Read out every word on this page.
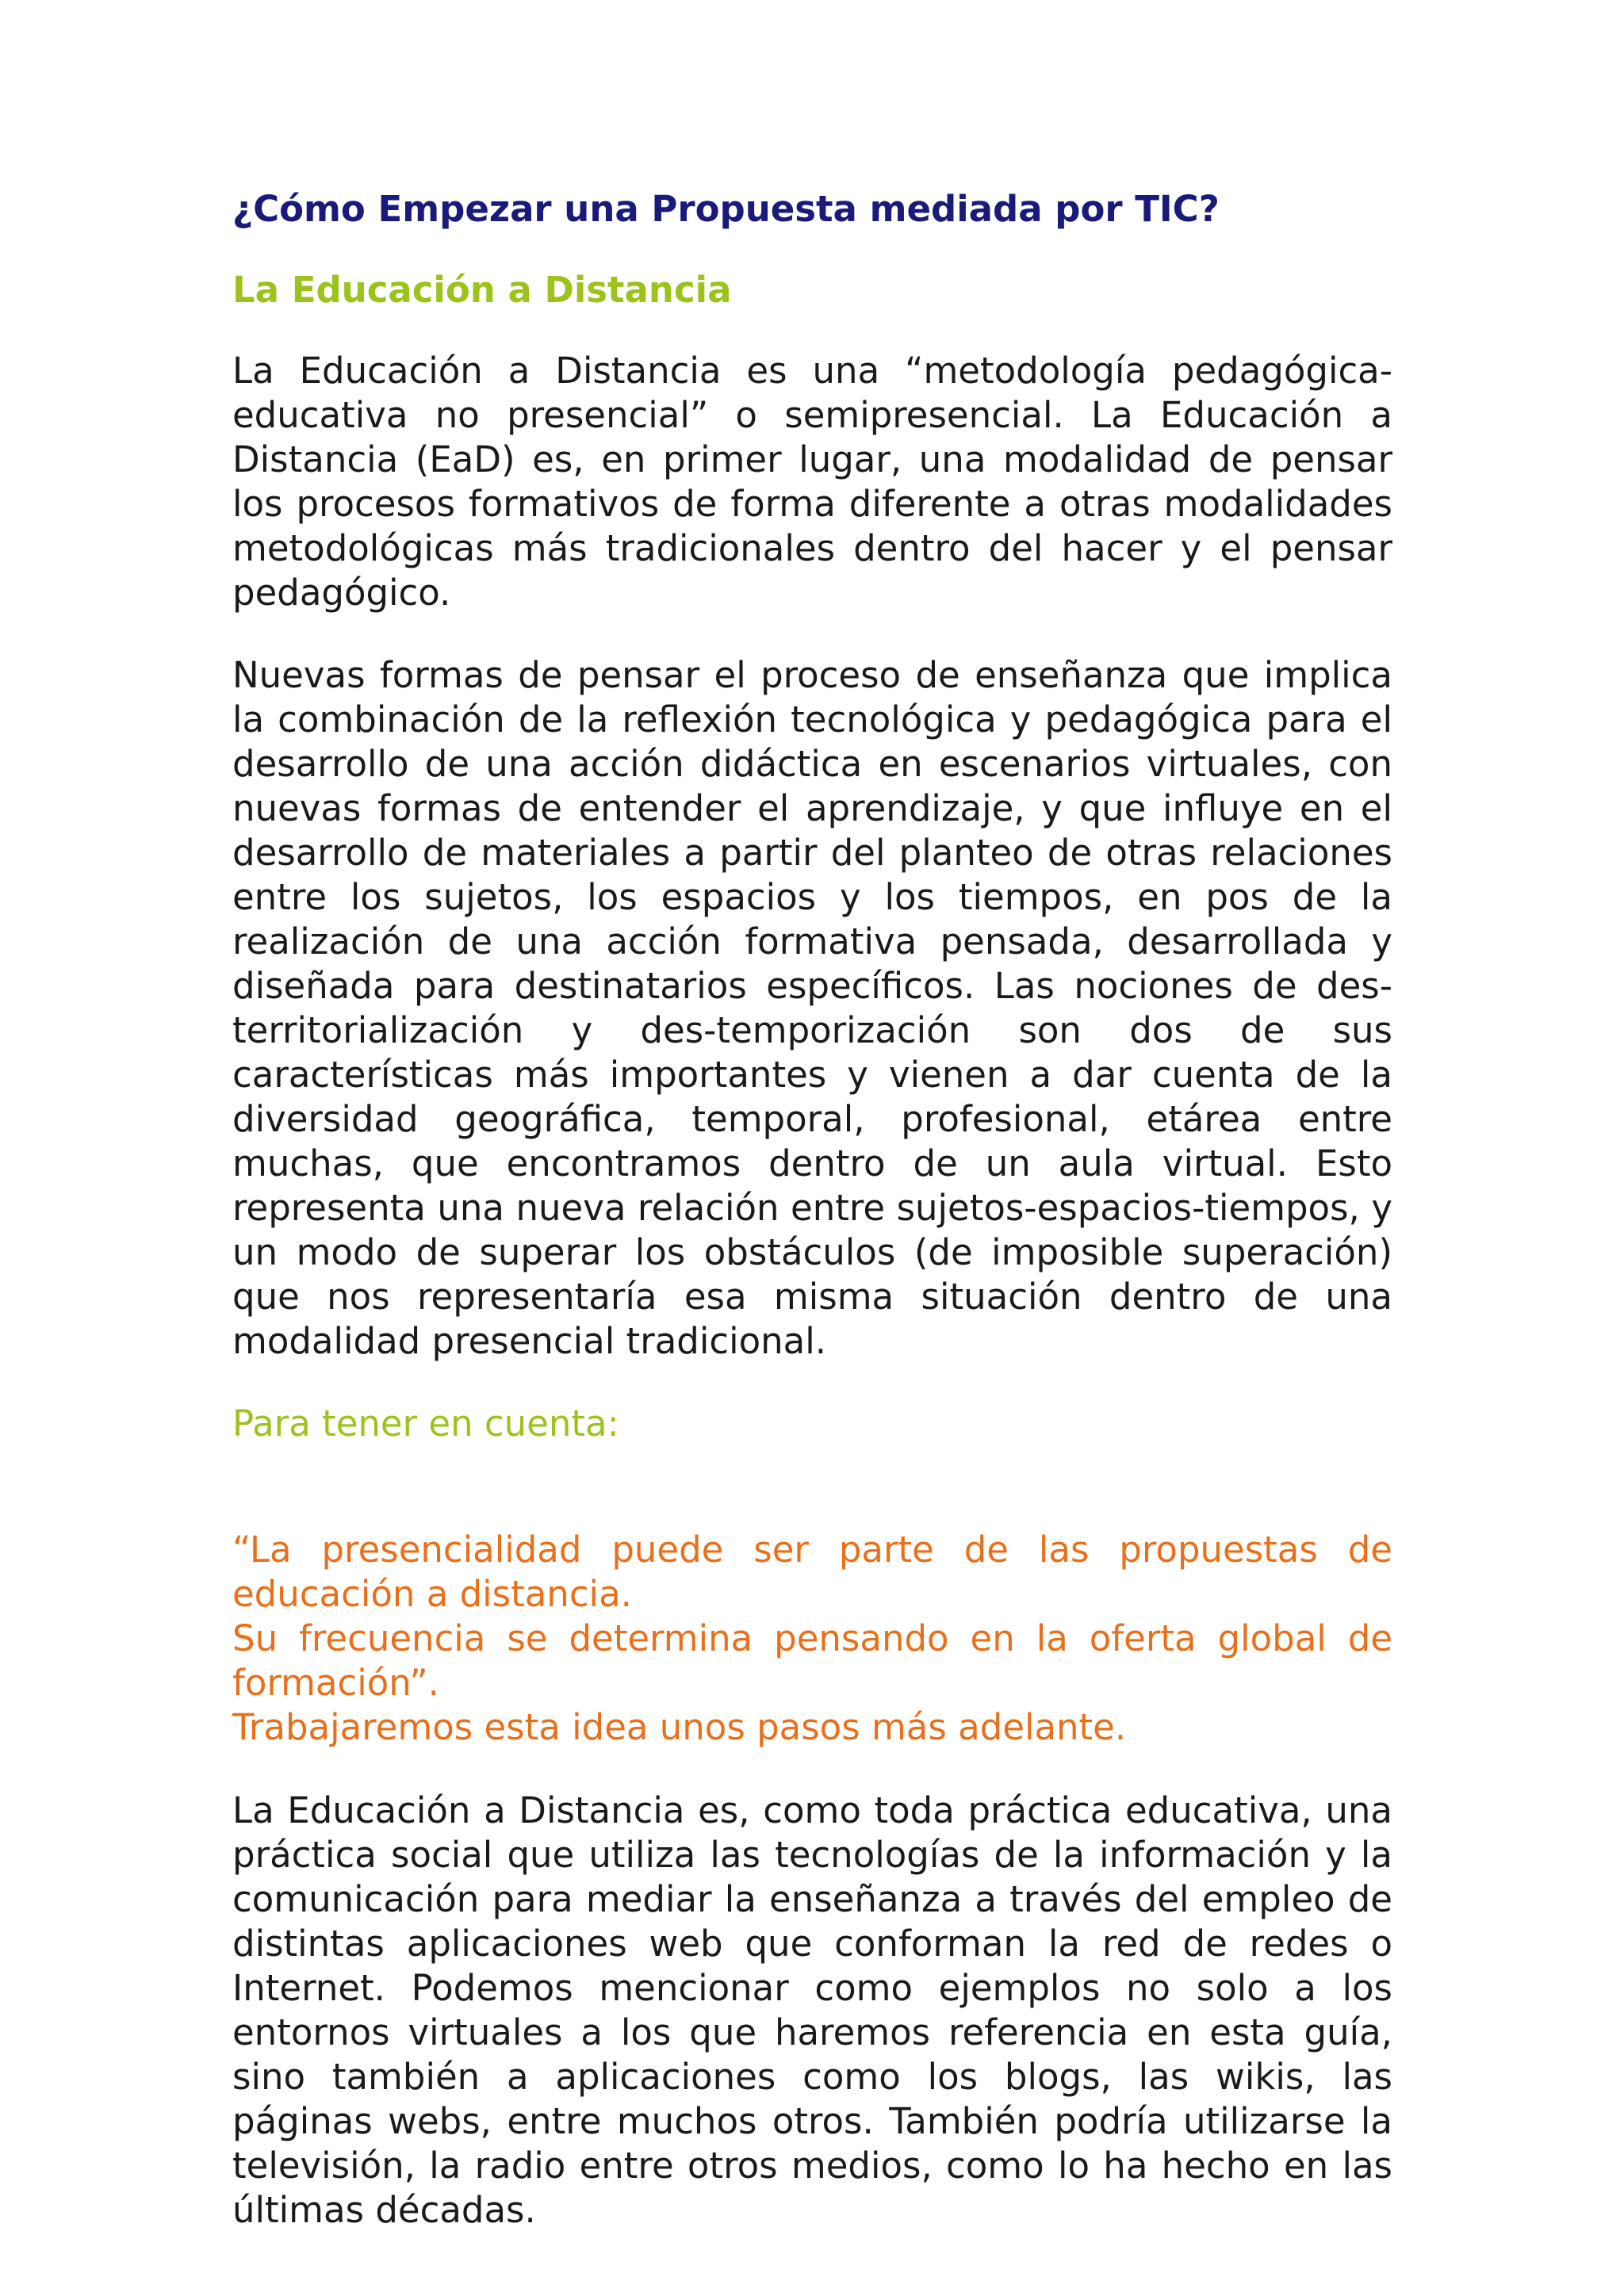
¿Cómo Empezar una Propuesta mediada por TIC?
La Educación a Distancia

La Educación a Distancia es una “metodología pedagógica- educativa no presencial” o semipresencial. La Educación a Distancia (EaD) es, en primer lugar, una modalidad de pensar los procesos formativos de forma diferente a otras modalidades metodológicas más tradicionales dentro del hacer y el pensar pedagógico.

Nuevas formas de pensar el proceso de enseñanza que implica la combinación de la reflexión tecnológica y pedagógica para el desarrollo de una acción didáctica en escenarios virtuales, con nuevas formas de entender el aprendizaje, y que influye en el desarrollo de materiales a partir del planteo de otras relaciones entre los sujetos, los espacios y los tiempos, en pos de la realización de una acción formativa pensada, desarrollada y diseñada para destinatarios específicos. Las nociones de des-territorialización y des-temporización son dos de sus características más importantes y vienen a dar cuenta de la diversidad geográfica, temporal, profesional, etárea entre muchas, que encontramos dentro de un aula virtual. Esto representa una nueva relación entre sujetos-espacios-tiempos, y un modo de superar los obstáculos (de imposible superación) que nos representaría esa misma situación dentro de una modalidad presencial tradicional.

Para tener en cuenta:

“La presencialidad puede ser parte de las propuestas de educación a distancia.

Su frecuencia se determina pensando en la oferta global de formación”.

Trabajaremos esta idea unos pasos más adelante.

La Educación a Distancia es, como toda práctica educativa, una práctica social que utiliza las tecnologías de la información y la comunicación para mediar la enseñanza a través del empleo de distintas aplicaciones web que conforman la red de redes o Internet. Podemos mencionar como ejemplos no solo a los entornos virtuales a los que haremos referencia en esta guía, sino también a aplicaciones como los blogs, las wikis, las páginas webs, entre muchos otros. También podría utilizarse la televisión, la radio entre otros medios, como lo ha hecho en las últimas décadas.
